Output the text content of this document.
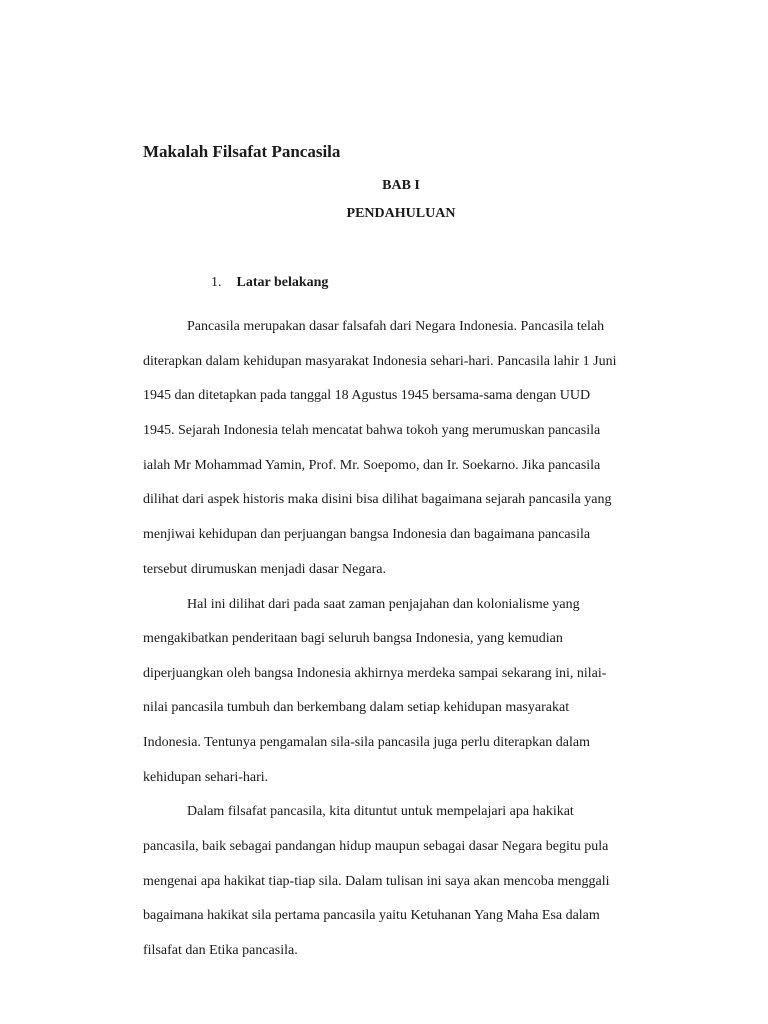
Makalah Filsafat Pancasila
BAB I
PENDAHULUAN
1. Latar belakang
Pancasila merupakan dasar falsafah dari Negara Indonesia. Pancasila telah
diterapkan dalam kehidupan masyarakat Indonesia sehari-hari. Pancasila lahir 1 Juni
1945 dan ditetapkan pada tanggal 18 Agustus 1945 bersama-sama dengan UUD
1945. Sejarah Indonesia telah mencatat bahwa tokoh yang merumuskan pancasila
ialah Mr Mohammad Yamin, Prof. Mr. Soepomo, dan Ir. Soekarno. Jika pancasila
dilihat dari aspek historis maka disini bisa dilihat bagaimana sejarah pancasila yang
menjiwai kehidupan dan perjuangan bangsa Indonesia dan bagaimana pancasila
tersebut dirumuskan menjadi dasar Negara.
Hal ini dilihat dari pada saat zaman penjajahan dan kolonialisme yang
mengakibatkan penderitaan bagi seluruh bangsa Indonesia, yang kemudian
diperjuangkan oleh bangsa Indonesia akhirnya merdeka sampai sekarang ini, nilai-
nilai pancasila tumbuh dan berkembang dalam setiap kehidupan masyarakat
Indonesia. Tentunya pengamalan sila-sila pancasila juga perlu diterapkan dalam
kehidupan sehari-hari.
Dalam filsafat pancasila, kita dituntut untuk mempelajari apa hakikat
pancasila, baik sebagai pandangan hidup maupun sebagai dasar Negara begitu pula
mengenai apa hakikat tiap-tiap sila. Dalam tulisan ini saya akan mencoba menggali
bagaimana hakikat sila pertama pancasila yaitu Ketuhanan Yang Maha Esa dalam
filsafat dan Etika pancasila.
